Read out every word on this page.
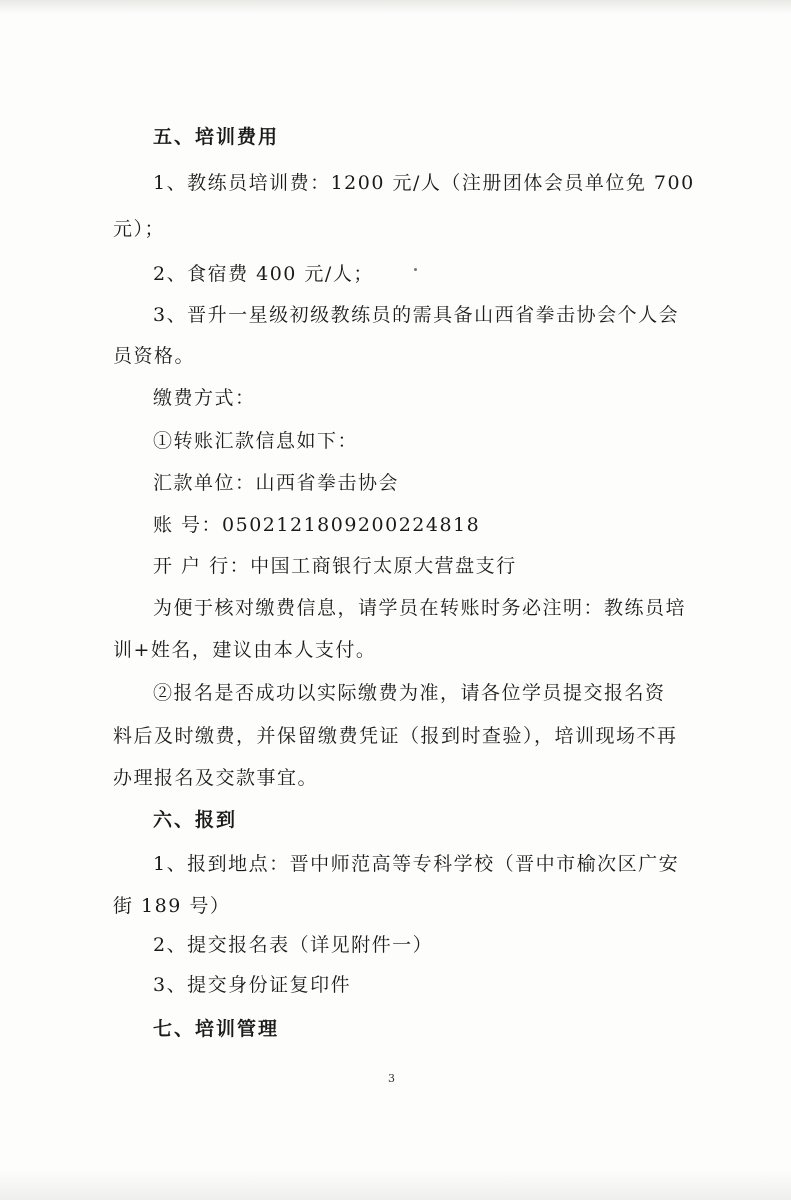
五、培训费用
1、教练员培训费：1200 元/人（注册团体会员单位免 700
元）；
2、食宿费 400 元/人；
3、晋升一星级初级教练员的需具备山西省拳击协会个人会
员资格。
缴费方式：
①转账汇款信息如下：
汇款单位：山西省拳击协会
账 号：0502121809200224818
开 户 行：中国工商银行太原大营盘支行
为便于核对缴费信息，请学员在转账时务必注明：教练员培
训+姓名，建议由本人支付。
②报名是否成功以实际缴费为准，请各位学员提交报名资
料后及时缴费，并保留缴费凭证（报到时查验），培训现场不再
办理报名及交款事宜。
六、报到
1、报到地点：晋中师范高等专科学校（晋中市榆次区广安
街 189 号）
2、提交报名表（详见附件一）
3、提交身份证复印件
七、培训管理
3
